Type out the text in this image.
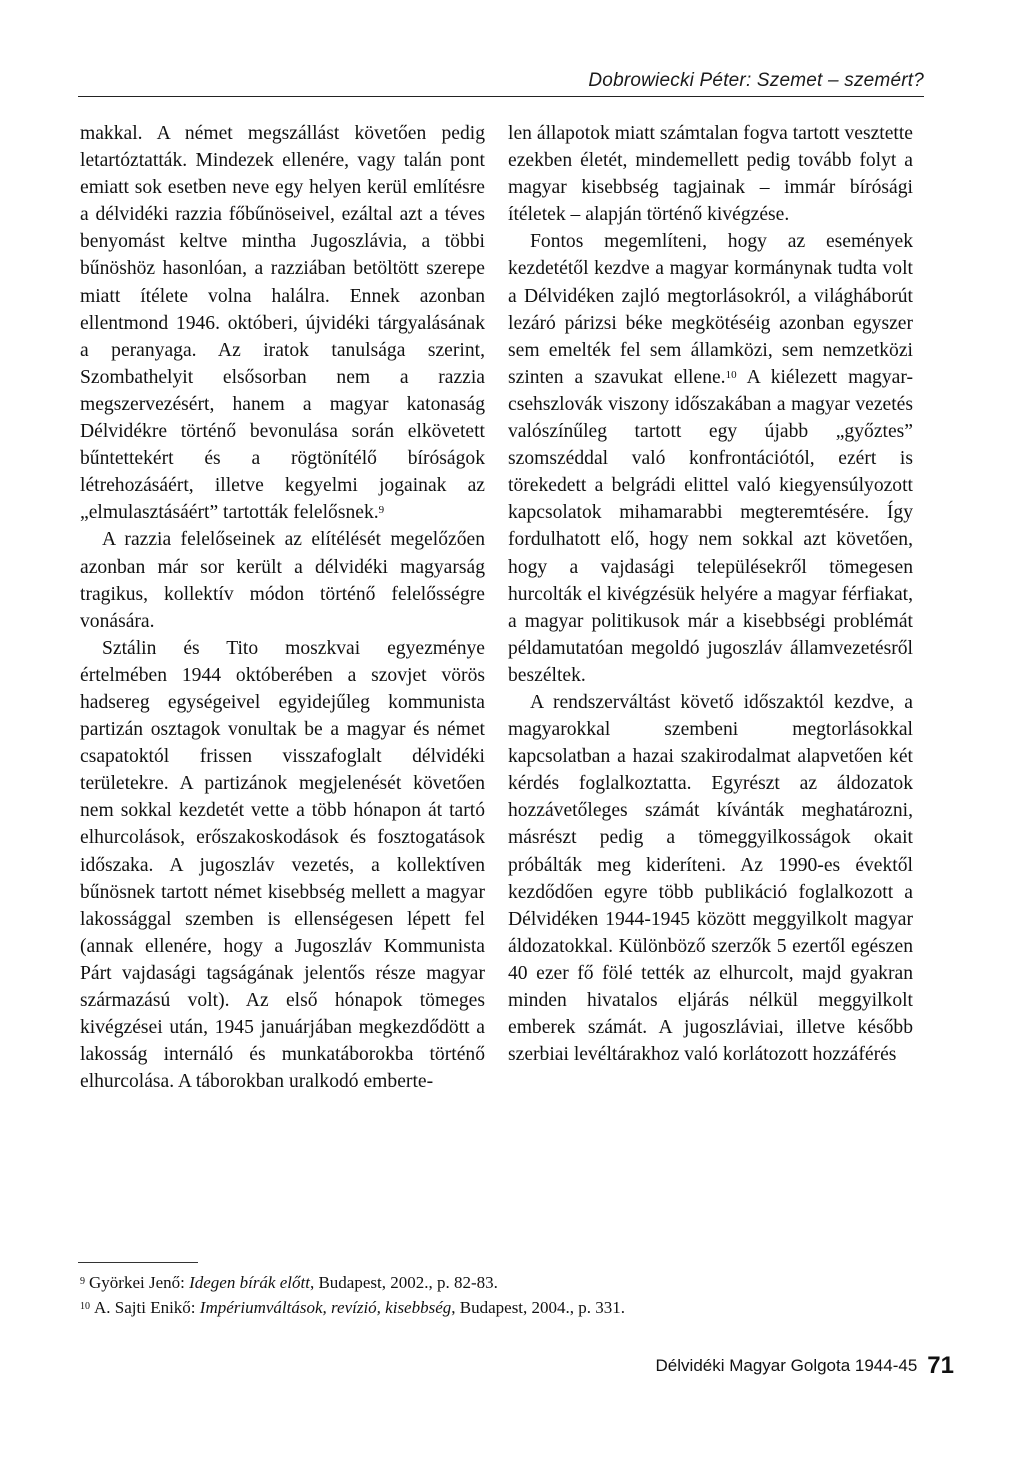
Dobrowiecki Péter: Szemet – szemért?

makkal. A német megszállást követően pedig letartóztatták. Mindezek ellenére, vagy talán pont emiatt sok esetben neve egy helyen kerül említésre a délvidéki razzia főbűnöseivel, ezáltal azt a téves benyomást keltve mintha Jugoszlávia, a többi bűnöshöz hasonlóan, a razziában betöltött szerepe miatt ítélete volna halálra. Ennek azonban ellentmond 1946. októberi, újvidéki tárgyalásának a peranyaga. Az iratok tanulsága szerint, Szombathelyit elsősorban nem a razzia megszervezésért, hanem a magyar katonaság Délvidékre történő bevonulása során elkövetett bűntettekért és a rögtönítélő bíróságok létrehozásáért, illetve kegyelmi jogainak az „elmulasztásáért” tartották felelősnek.$^9$

A razzia felelőseinek az elítélését megelőzően azonban már sor került a délvidéki magyarság tragikus, kollektív módon történő felelősségre vonására.

Sztálin és Tito moszkvai egyezménye értelmében 1944 októberében a szovjet vörös hadsereg egységeivel egyidejűleg kommunista partizán osztagok vonultak be a magyar és német csapatoktól frissen visszafoglalt délvidéki területekre. A partizánok megjelenését követően nem sokkal kezdetét vette a több hónapon át tartó elhurcolások, erőszakoskodások és fosztogatások időszaka. A jugoszláv vezetés, a kollektíven bűnösnek tartott német kisebbség mellett a magyar lakossággal szemben is ellenségesen lépett fel (annak ellenére, hogy a Jugoszláv Kommunista Párt vajdasági tagságának jelentős része magyar származású volt). Az első hónapok tömeges kivégzései után, 1945 januárjában megkezdődött a lakosság internáló és munkatáborokba történő elhurcolása. A táborokban uralkodó emberte-

len állapotok miatt számtalan fogva tartott vesztette ezekben életét, mindemellett pedig tovább folyt a magyar kisebbség tagjainak – immár bírósági ítéletek – alapján történő kivégzése.

Fontos megemlíteni, hogy az események kezdetétől kezdve a magyar kormánynak tudta volt a Délvidéken zajló megtorlásokról, a világháborút lezáró párizsi béke megkötéséig azonban egyszer sem emelték fel sem államközi, sem nemzetközi szinten a szavukat ellene.$^{10}$ A kiélezett magyar-csehszlovák viszony időszakában a magyar vezetés valószínűleg tartott egy újabb „győztes” szomszéddal való konfrontációtól, ezért is törekedett a belgrádi elittel való kiegyensúlyozott kapcsolatok mihamarabbi megteremtésére. Így fordulhatott elő, hogy nem sokkal azt követően, hogy a vajdasági településekről tömegesen hurcolták el kivégzésük helyére a magyar férfiakat, a magyar politikusok már a kisebbségi problémát példamutatóan megoldó jugoszláv államvezetésről beszéltek.

A rendszerváltást követő időszaktól kezdve, a magyarokkal szembeni megtorlásokkal kapcsolatban a hazai szakirodalmat alapvetően két kérdés foglalkoztatta. Egyrészt az áldozatok hozzávetőleges számát kívánták meghatározni, másrészt pedig a tömeggyilkosságok okait próbálták meg kideríteni. Az 1990-es évektől kezdődően egyre több publikáció foglalkozott a Délvidéken 1944-1945 között meggyilkolt magyar áldozatokkal. Különböző szerzők 5 ezertől egészen 40 ezer fő fölé tették az elhurcolt, majd gyakran minden hivatalos eljárás nélkül meggyilkolt emberek számát. A jugoszláviai, illetve később szerbiai levéltárakhoz való korlátozott hozzáférés

$^9$ Györkei Jenő: Idegen bírák előtt, Budapest, 2002., p. 82-83.

$^{10}$ A. Sajti Enikő: Impériumváltások, revízió, kisebbség, Budapest, 2004., p. 331.

Délvidéki Magyar Golgota 1944-45 71
